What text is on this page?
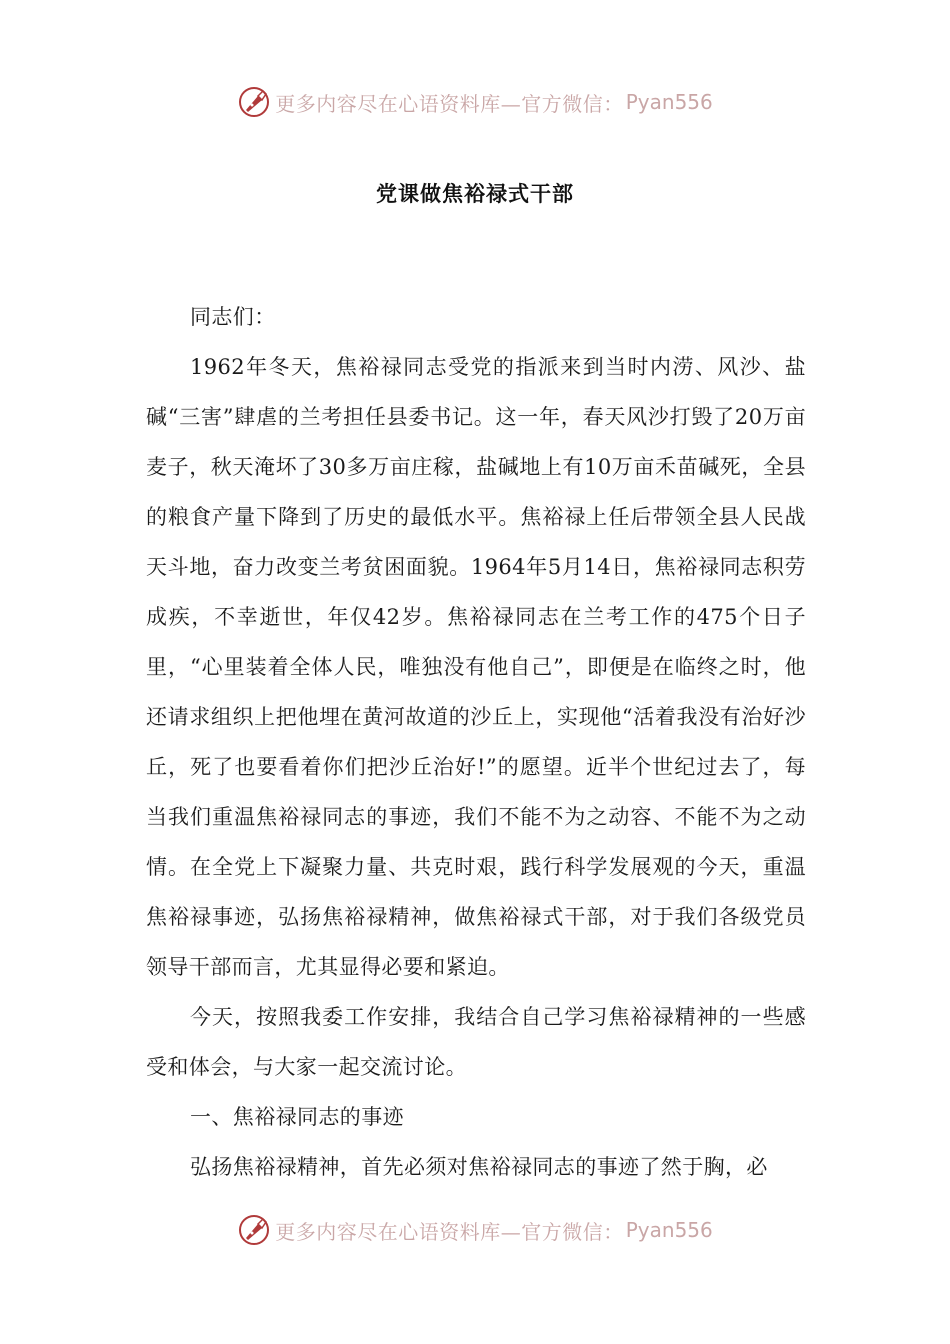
更多内容尽在心语资料库—官方微信： Pyan556
党课做焦裕禄式干部

同志们：

1962年冬天，焦裕禄同志受党的指派来到当时内涝、风沙、盐碱“三害”肆虐的兰考担任县委书记。这一年，春天风沙打毁了20万亩麦子，秋天淹坏了30多万亩庄稼，盐碱地上有10万亩禾苗碱死，全县的粮食产量下降到了历史的最低水平。焦裕禄上任后带领全县人民战天斗地，奋力改变兰考贫困面貌。1964年5月14日，焦裕禄同志积劳成疾，不幸逝世，年仅42岁。焦裕禄同志在兰考工作的475个日子里，“心里装着全体人民，唯独没有他自己”，即便是在临终之时，他还请求组织上把他埋在黄河故道的沙丘上，实现他“活着我没有治好沙丘，死了也要看着你们把沙丘治好!”的愿望。近半个世纪过去了，每当我们重温焦裕禄同志的事迹，我们不能不为之动容、不能不为之动情。在全党上下凝聚力量、共克时艰，践行科学发展观的今天，重温焦裕禄事迹，弘扬焦裕禄精神，做焦裕禄式干部，对于我们各级党员领导干部而言，尤其显得必要和紧迫。

今天，按照我委工作安排，我结合自己学习焦裕禄精神的一些感受和体会，与大家一起交流讨论。

一、焦裕禄同志的事迹

弘扬焦裕禄精神，首先必须对焦裕禄同志的事迹了然于胸，必

更多内容尽在心语资料库—官方微信： Pyan556
